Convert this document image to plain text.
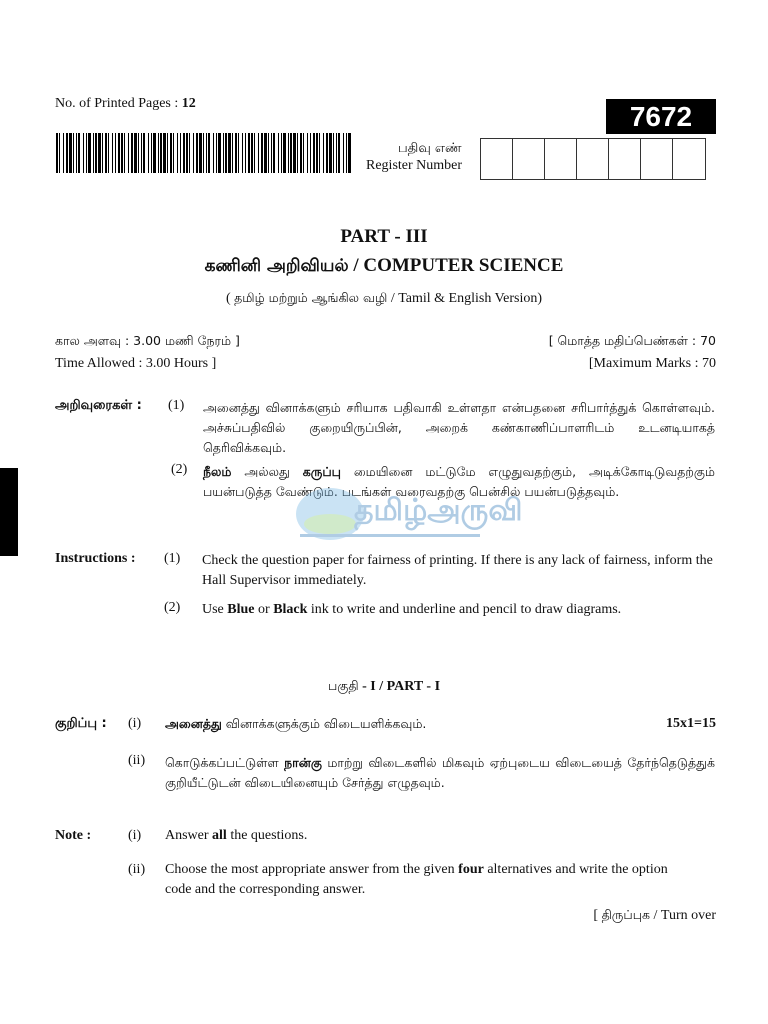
No. of Printed Pages : 12	7672
பதிவு எண்
Register Number
PART - III
கணினி அறிவியல் / COMPUTER SCIENCE
( தமிழ் மற்றும் ஆங்கில வழி / Tamil & English Version)
கால அளவு : 3.00 மணி நேரம் ]	[ மொத்த மதிப்பெண்கள் : 70
Time Allowed : 3.00 Hours ]	[Maximum Marks : 70
அறிவுரைகள் : (1) அனைத்து வினாக்களும் சரியாக பதிவாகி உள்ளதா என்பதனை சரிபார்த்துக் கொள்ளவும். அச்சுப்பதிவில் குறையிருப்பின், அறைக் கண்காணிப்பாளரிடம் உடனடியாகத் தெரிவிக்கவும்.
(2) நீலம் அல்லது கருப்பு மையினை மட்டுமே எழுதுவதற்கும், அடிக்கோடிடுவதற்கும் பயன்படுத்த வேண்டும். படங்கள் வரைவதற்கு பென்சில் பயன்படுத்தவும்.
தமிழ்அருவி
Instructions : (1) Check the question paper for fairness of printing. If there is any lack of fairness, inform the Hall Supervisor immediately.
(2) Use Blue or Black ink to write and underline and pencil to draw diagrams.
பகுதி - I / PART - I
குறிப்பு : (i) அனைத்து வினாக்களுக்கும் விடையளிக்கவும்.	15x1=15
(ii) கொடுக்கப்பட்டுள்ள நான்கு மாற்று விடைகளில் மிகவும் ஏற்புடைய விடையைத் தேர்ந்தெடுத்துக் குறியீட்டுடன் விடையினையும் சேர்த்து எழுதவும்.
Note :	(i) Answer all the questions.
(ii) Choose the most appropriate answer from the given four alternatives and write the option code and the corresponding answer.
[ திருப்புக / Turn over
